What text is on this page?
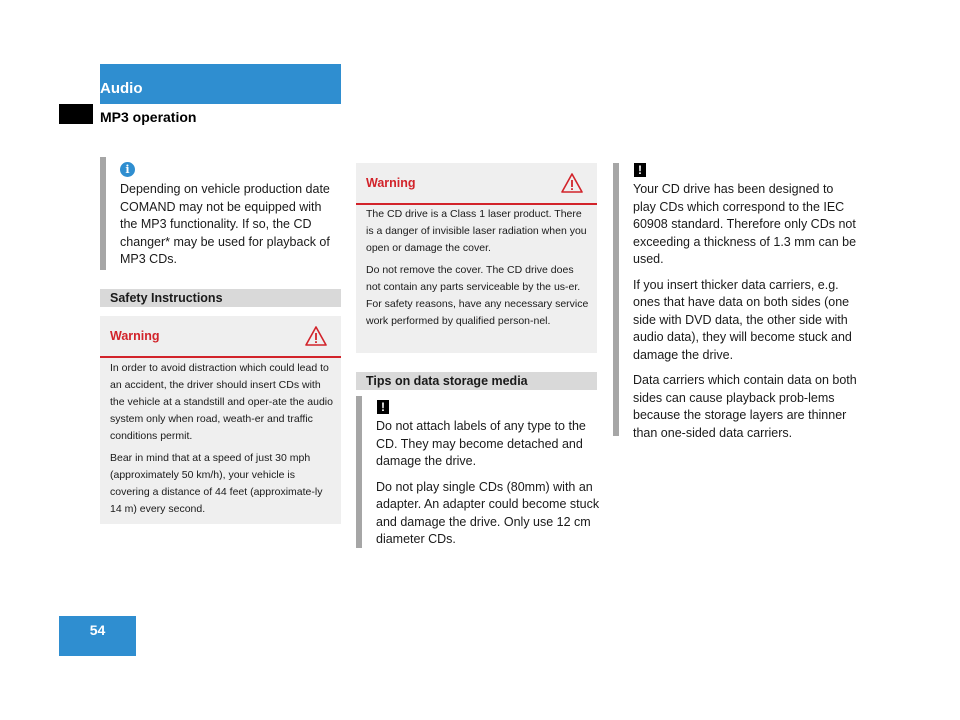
Audio
MP3 operation
i

Depending on vehicle production date COMAND may not be equipped with the MP3 functionality. If so, the CD changer* may be used for playback of MP3 CDs.

Safety Instructions
Warning

In order to avoid distraction which could lead to an accident, the driver should insert CDs with the vehicle at a standstill and oper-ate the audio system only when road, weath-er and traffic conditions permit.

Bear in mind that at a speed of just 30 mph (approximately 50 km/h), your vehicle is covering a distance of 44 feet (approximate-ly 14 m) every second.

Warning

The CD drive is a Class 1 laser product. There is a danger of invisible laser radiation when you open or damage the cover.

Do not remove the cover. The CD drive does not contain any parts serviceable by the us-er. For safety reasons, have any necessary service work performed by qualified person-nel.

Tips on data storage media
!

Do not attach labels of any type to the CD. They may become detached and damage the drive.

Do not play single CDs (80mm) with an adapter. An adapter could become stuck and damage the drive. Only use 12 cm diameter CDs.

!

Your CD drive has been designed to play CDs which correspond to the IEC 60908 standard. Therefore only CDs not exceeding a thickness of 1.3 mm can be used.

If you insert thicker data carriers, e.g. ones that have data on both sides (one side with DVD data, the other side with audio data), they will become stuck and damage the drive.

Data carriers which contain data on both sides can cause playback prob-lems because the storage layers are thinner than one-sided data carriers.

54
